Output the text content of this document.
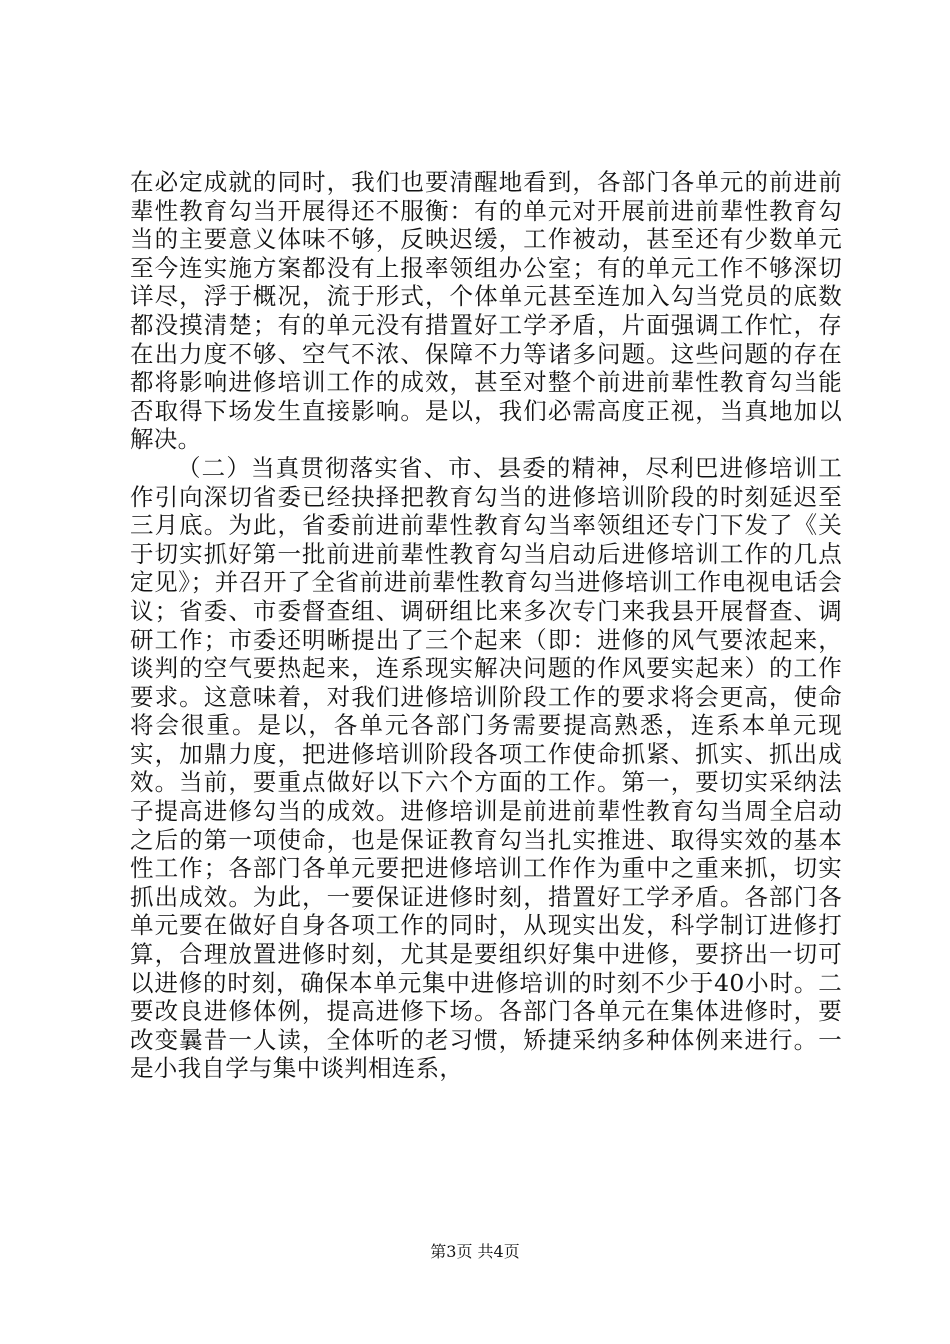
在必定成就的同时，我们也要清醒地看到，各部门各单元的前进前辈性教育勾当开展得还不服衡：有的单元对开展前进前辈性教育勾当的主要意义体味不够，反映迟缓，工作被动，甚至还有少数单元至今连实施方案都没有上报率领组办公室；有的单元工作不够深切详尽，浮于概况，流于形式，个体单元甚至连加入勾当党员的底数都没摸清楚；有的单元没有措置好工学矛盾，片面强调工作忙，存在出力度不够、空气不浓、保障不力等诸多问题。这些问题的存在都将影响进修培训工作的成效，甚至对整个前进前辈性教育勾当能否取得下场发生直接影响。是以，我们必需高度正视，当真地加以解决。

（二）当真贯彻落实省、市、县委的精神，尽利巴进修培训工作引向深切省委已经抉择把教育勾当的进修培训阶段的时刻延迟至三月底。为此，省委前进前辈性教育勾当率领组还专门下发了《关于切实抓好第一批前进前辈性教育勾当启动后进修培训工作的几点定见》；并召开了全省前进前辈性教育勾当进修培训工作电视电话会议；省委、市委督查组、调研组比来多次专门来我县开展督查、调研工作；市委还明晰提出了三个起来（即：进修的风气要浓起来，谈判的空气要热起来，连系现实解决问题的作风要实起来）的工作要求。这意味着，对我们进修培训阶段工作的要求将会更高，使命将会很重。是以，各单元各部门务需要提高熟悉，连系本单元现实，加鼎力度，把进修培训阶段各项工作使命抓紧、抓实、抓出成效。当前，要重点做好以下六个方面的工作。第一，要切实采纳法子提高进修勾当的成效。进修培训是前进前辈性教育勾当周全启动之后的第一项使命，也是保证教育勾当扎实推进、取得实效的基本性工作；各部门各单元要把进修培训工作作为重中之重来抓，切实抓出成效。为此，一要保证进修时刻，措置好工学矛盾。各部门各单元要在做好自身各项工作的同时，从现实出发，科学制订进修打算，合理放置进修时刻，尤其是要组织好集中进修，要挤出一切可以进修的时刻，确保本单元集中进修培训的时刻不少于40小时。二要改良进修体例，提高进修下场。各部门各单元在集体进修时，要改变曩昔一人读，全体听的老习惯，矫捷采纳多种体例来进行。一是小我自学与集中谈判相连系，

第3页 共4页
